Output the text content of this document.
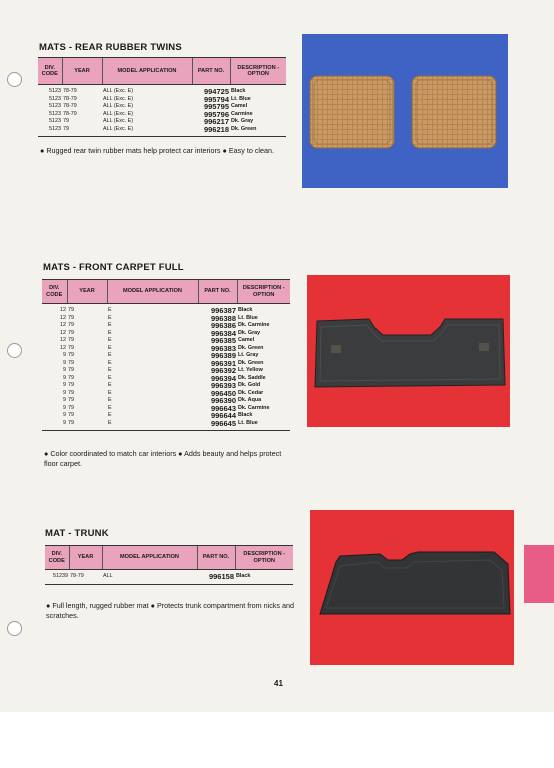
MATS - REAR RUBBER TWINS
DIV. CODE	YEAR	MODEL APPLICATION	PART NO.	DESCRIPTION - OPTION

5123	78-79	ALL (Exc. E)	994725	Black
5123	78-79	ALL (Exc. E)	995794	Lt. Blue
5123	78-79	ALL (Exc. E)	995795	Camel
5123	78-79	ALL (Exc. E)	995796	Carmine
5123	79	ALL (Exc. E)	996217	Dk. Gray
5123	79	ALL (Exc. E)	996218	Dk. Green

● Rugged rear twin rubber mats help protect car interiors ● Easy to clean.
MATS - FRONT CARPET FULL
DIV. CODE	YEAR	MODEL APPLICATION	PART NO.	DESCRIPTION - OPTION

12	79	E	996387	Black
12	79	E	996388	Lt. Blue
12	79	E	996386	Dk. Carmine
12	79	E	996384	Dk. Gray
12	79	E	996385	Camel
12	79	E	996383	Dk. Green
9	79	E	996389	Lt. Gray
9	79	E	996391	Dk. Green
9	79	E	996392	Lt. Yellow
9	79	E	996394	Dk. Saddle
9	79	E	996393	Dk. Gold
9	79	E	996450	Dk. Cedar
9	79	E	996390	Dk. Aqua
9	79	E	996643	Dk. Carmine
9	79	E	996644	Black
9	79	E	996645	Lt. Blue

● Color coordinated to match car interiors ● Adds beauty and helps protect floor carpet.
MAT - TRUNK
DIV. CODE	YEAR	MODEL APPLICATION	PART NO.	DESCRIPTION - OPTION

51239	78-79	ALL	996158	Black

● Full length, rugged rubber mat ● Protects trunk compartment from nicks and scratches.
41
